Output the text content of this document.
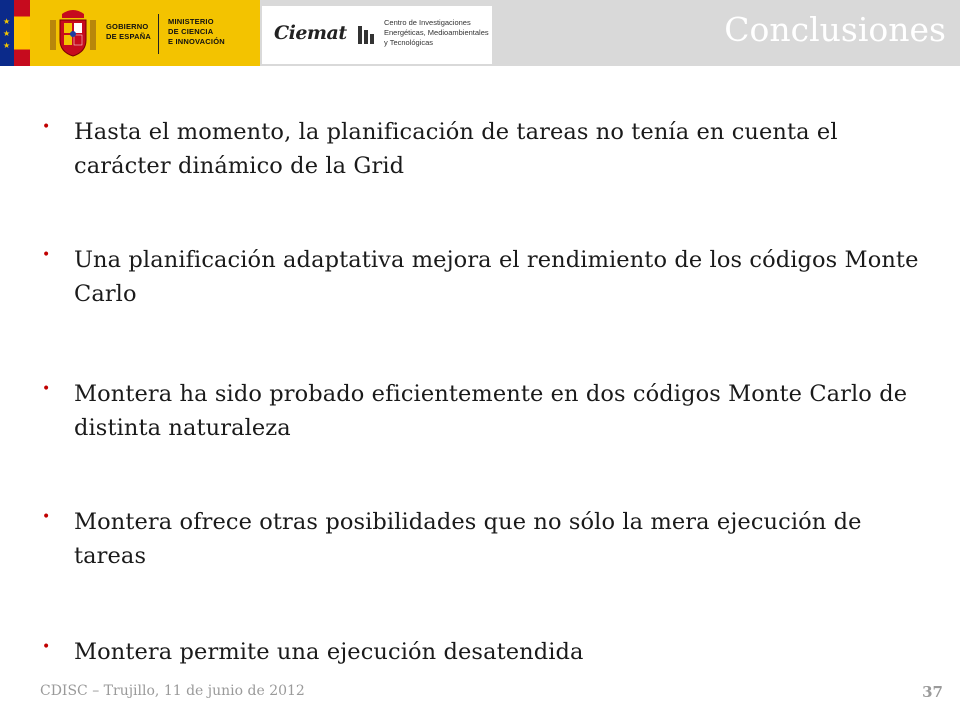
★
★
★
GOBIERNO
DE ESPAÑA
MINISTERIO
DE CIENCIA
E INNOVACIÓN	Ciemat	Centro de Investigaciones
Energéticas, Medioambientales
y Tecnológicas	Conclusiones
• Hasta el momento, la planificación de tareas no tenía en cuenta el carácter dinámico de la Grid
• Una planificación adaptativa mejora el rendimiento de los códigos Monte Carlo
• Montera ha sido probado eficientemente en dos códigos Monte Carlo de distinta naturaleza
• Montera ofrece otras posibilidades que no sólo la mera ejecución de tareas
• Montera permite una ejecución desatendida
CDISC – Trujillo, 11 de junio de 2012	37
